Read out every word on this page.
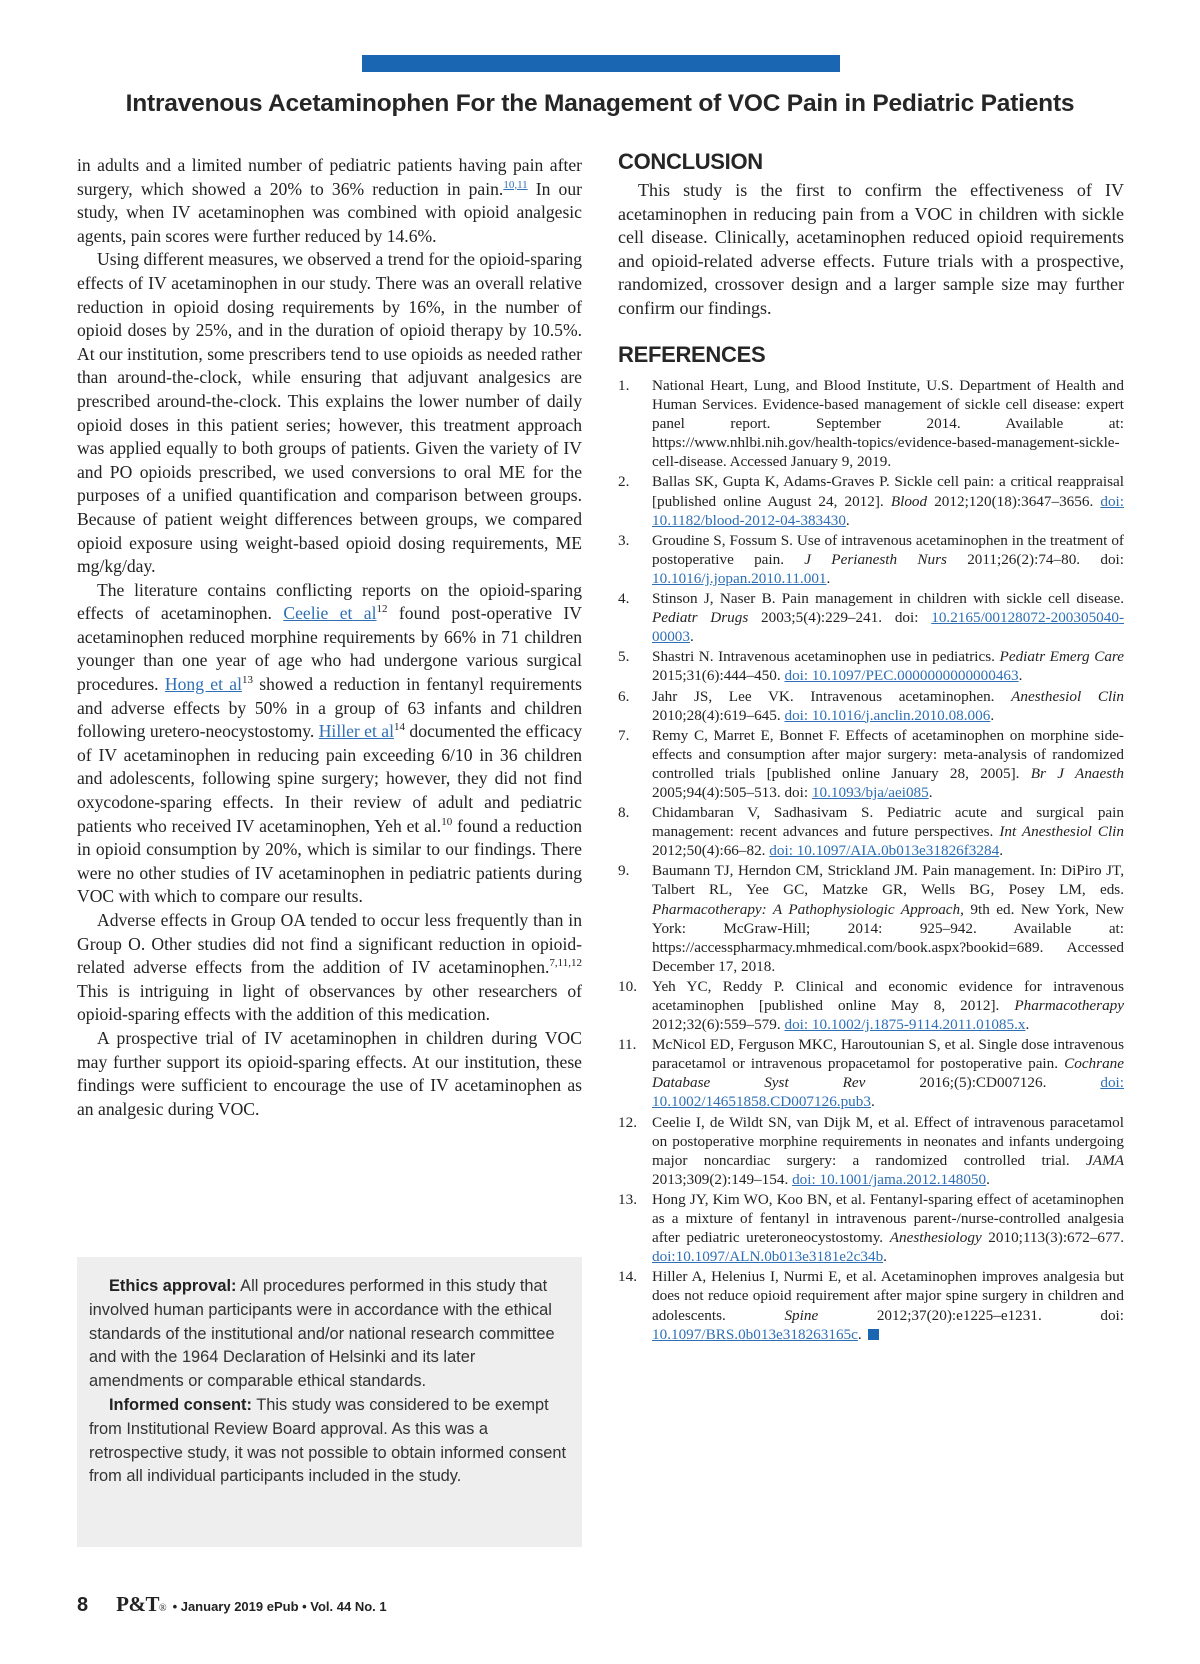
Intravenous Acetaminophen For the Management of VOC Pain in Pediatric Patients

in adults and a limited number of pediatric patients having pain after surgery, which showed a 20% to 36% reduction in pain.$^{10,11}$ In our study, when IV acetaminophen was combined with opioid analgesic agents, pain scores were further reduced by 14.6%.

Using different measures, we observed a trend for the opioid-sparing effects of IV acetaminophen in our study. There was an overall relative reduction in opioid dosing requirements by 16%, in the number of opioid doses by 25%, and in the duration of opioid therapy by 10.5%. At our institution, some prescribers tend to use opioids as needed rather than around-the-clock, while ensuring that adjuvant analgesics are prescribed around-the-clock. This explains the lower number of daily opioid doses in this patient series; however, this treatment approach was applied equally to both groups of patients. Given the variety of IV and PO opioids prescribed, we used conversions to oral ME for the purposes of a unified quantification and comparison between groups. Because of patient weight differences between groups, we compared opioid exposure using weight-based opioid dosing requirements, ME mg/kg/day.

The literature contains conflicting reports on the opioid-sparing effects of acetaminophen. Ceelie et $al^{12}$ found post-operative IV acetaminophen reduced morphine requirements by 66% in 71 children younger than one year of age who had undergone various surgical procedures. Hong et $al^{13}$ showed a reduction in fentanyl requirements and adverse effects by 50% in a group of 63 infants and children following uretero-neocystostomy. Hiller et $al^{14}$ documented the efficacy of IV acetaminophen in reducing pain exceeding 6/10 in 36 children and adolescents, following spine surgery; however, they did not find oxycodone-sparing effects. In their review of adult and pediatric patients who received IV acetaminophen, Yeh et al.$^{10}$ found a reduction in opioid consumption by 20%, which is similar to our findings. There were no other studies of IV acetaminophen in pediatric patients during VOC with which to compare our results.

Adverse effects in Group OA tended to occur less frequently than in Group O. Other studies did not find a significant reduction in opioid-related adverse effects from the addition of IV acetaminophen.$^{7,11,12}$ This is intriguing in light of observances by other researchers of opioid-sparing effects with the addition of this medication.

A prospective trial of IV acetaminophen in children during VOC may further support its opioid-sparing effects. At our institution, these findings were sufficient to encourage the use of IV acetaminophen as an analgesic during VOC.

Ethics approval: All procedures performed in this study that involved human participants were in accordance with the ethical standards of the institutional and/or national research committee and with the 1964 Declaration of Helsinki and its later amendments or comparable ethical standards.

Informed consent: This study was considered to be exempt from Institutional Review Board approval. As this was a retrospective study, it was not possible to obtain informed consent from all individual participants included in the study.

CONCLUSION

This study is the first to confirm the effectiveness of IV acetaminophen in reducing pain from a VOC in children with sickle cell disease. Clinically, acetaminophen reduced opioid requirements and opioid-related adverse effects. Future trials with a prospective, randomized, crossover design and a larger sample size may further confirm our findings.

REFERENCES
1.	National Heart, Lung, and Blood Institute, U.S. Department of Health and Human Services. Evidence-based management of sickle cell disease: expert panel report. September 2014. Available at: https://www.nhlbi.nih.gov/health-topics/evidence-based-management-sickle-cell-disease. Accessed January 9, 2019.
2.	Ballas SK, Gupta K, Adams-Graves P. Sickle cell pain: a critical reappraisal [published online August 24, 2012]. Blood 2012;120(18):3647–3656. doi: 10.1182/blood-2012-04-383430.
3.	Groudine S, Fossum S. Use of intravenous acetaminophen in the treatment of postoperative pain. J Perianesth Nurs 2011;26(2):74–80. doi: 10.1016/j.jopan.2010.11.001.
4.	Stinson J, Naser B. Pain management in children with sickle cell disease. Pediatr Drugs 2003;5(4):229–241. doi: 10.2165/00128072-200305040-00003.
5.	Shastri N. Intravenous acetaminophen use in pediatrics. Pediatr Emerg Care 2015;31(6):444–450. doi: 10.1097/PEC.0000000000000463.
6.	Jahr JS, Lee VK. Intravenous acetaminophen. Anesthesiol Clin 2010;28(4):619–645. doi: 10.1016/j.anclin.2010.08.006.
7.	Remy C, Marret E, Bonnet F. Effects of acetaminophen on morphine side-effects and consumption after major surgery: meta-analysis of randomized controlled trials [published online January 28, 2005]. Br J Anaesth 2005;94(4):505–513. doi: 10.1093/bja/aei085.
8.	Chidambaran V, Sadhasivam S. Pediatric acute and surgical pain management: recent advances and future perspectives. Int Anesthesiol Clin 2012;50(4):66–82. doi: 10.1097/AIA.0b013e31826f3284.
9.	Baumann TJ, Herndon CM, Strickland JM. Pain management. In: DiPiro JT, Talbert RL, Yee GC, Matzke GR, Wells BG, Posey LM, eds. Pharmacotherapy: A Pathophysiologic Approach, 9th ed. New York, New York: McGraw-Hill; 2014: 925–942. Available at: https://accesspharmacy.mhmedical.com/book.aspx?bookid=689. Accessed December 17, 2018.
10. Yeh YC, Reddy P. Clinical and economic evidence for intravenous acetaminophen [published online May 8, 2012]. Pharmacotherapy 2012;32(6):559–579. doi: 10.1002/j.1875-9114.2011.01085.x.
11.	McNicol ED, Ferguson MKC, Haroutounian S, et al. Single dose intravenous paracetamol or intravenous propacetamol for postoperative pain. Cochrane Database Syst Rev 2016;(5):CD007126. doi: 10.1002/14651858.CD007126.pub3.
12. Ceelie I, de Wildt SN, van Dijk M, et al. Effect of intravenous paracetamol on postoperative morphine requirements in neonates and infants undergoing major noncardiac surgery: a randomized controlled trial. JAMA 2013;309(2):149–154. doi: 10.1001/jama.2012.148050.
13. Hong JY, Kim WO, Koo BN, et al. Fentanyl-sparing effect of acetaminophen as a mixture of fentanyl in intravenous parent-/nurse-controlled analgesia after pediatric ureteroneocystostomy. Anesthesiology 2010;113(3):672–677. doi:10.1097/ALN.0b013e3181e2c34b.
14. Hiller A, Helenius I, Nurmi E, et al. Acetaminophen improves analgesia but does not reduce opioid requirement after major spine surgery in children and adolescents. Spine 2012;37(20):e1225–e1231. doi: 10.1097/BRS.0b013e318263165c.
8 P&T ® • January 2019 ePub • Vol. 44 No. 1
